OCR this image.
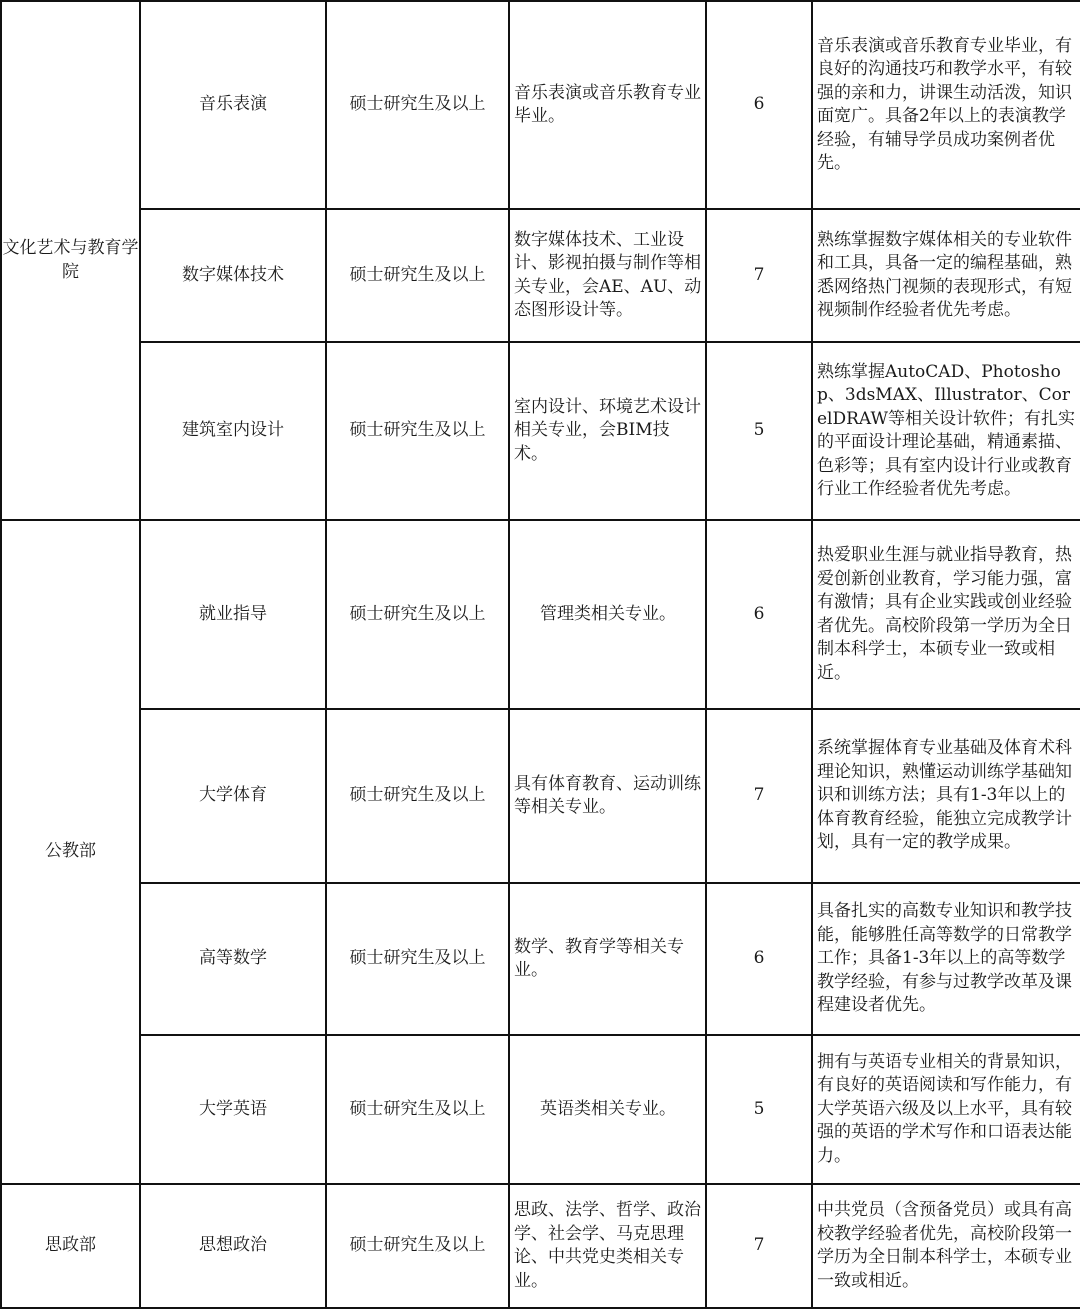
文化艺术与教育学院	音乐表演	硕士研究生及以上	音乐表演或音乐教育专业毕业。	6	音乐表演或音乐教育专业毕业，有良好的沟通技巧和教学水平，有较强的亲和力，讲课生动活泼，知识面宽广。具备2年以上的表演教学经验，有辅导学员成功案例者优先。

	数字媒体技术	硕士研究生及以上	数字媒体技术、工业设计、影视拍摄与制作等相关专业，会AE、AU、动态图形设计等。	7	熟练掌握数字媒体相关的专业软件和工具，具备一定的编程基础，熟悉网络热门视频的表现形式，有短视频制作经验者优先考虑。

	建筑室内设计	硕士研究生及以上	室内设计、环境艺术设计相关专业，会BIM技术。	5	熟练掌握AutoCAD、Photoshop、3dsMAX、Illustrator、CorelDRAW等相关设计软件；有扎实的平面设计理论基础，精通素描、色彩等；具有室内设计行业或教育行业工作经验者优先考虑。

公教部	就业指导	硕士研究生及以上	管理类相关专业。	6	热爱职业生涯与就业指导教育，热爱创新创业教育，学习能力强，富有激情；具有企业实践或创业经验者优先。高校阶段第一学历为全日制本科学士，本硕专业一致或相近。

	大学体育	硕士研究生及以上	具有体育教育、运动训练等相关专业。	7	系统掌握体育专业基础及体育术科理论知识，熟懂运动训练学基础知识和训练方法；具有1-3年以上的体育教育经验，能独立完成教学计划，具有一定的教学成果。

	高等数学	硕士研究生及以上	数学、教育学等相关专业。	6	具备扎实的高数专业知识和教学技能，能够胜任高等数学的日常教学工作；具备1-3年以上的高等数学教学经验，有参与过教学改革及课程建设者优先。

	大学英语	硕士研究生及以上	英语类相关专业。	5	拥有与英语专业相关的背景知识，有良好的英语阅读和写作能力，有大学英语六级及以上水平，具有较强的英语的学术写作和口语表达能力。

思政部	思想政治	硕士研究生及以上	思政、法学、哲学、政治学、社会学、马克思理论、中共党史类相关专业。	7	中共党员（含预备党员）或具有高校教学经验者优先，高校阶段第一学历为全日制本科学士，本硕专业一致或相近。
